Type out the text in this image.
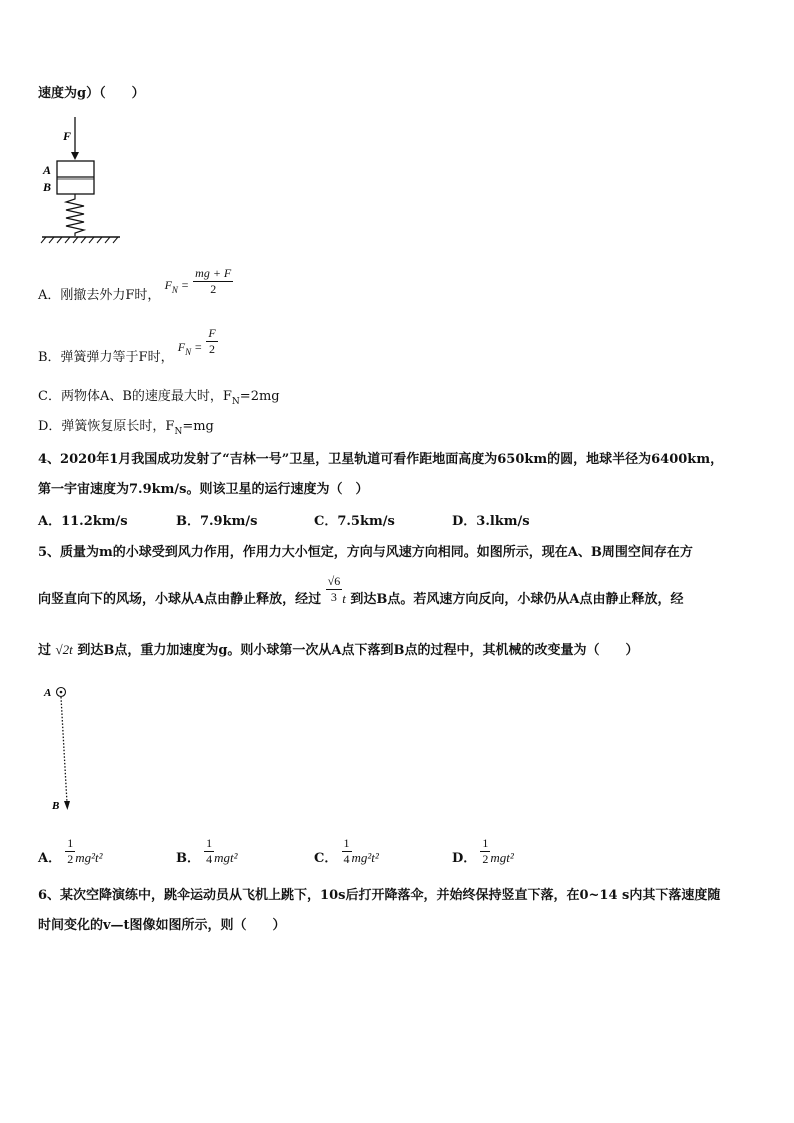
速度为g）（　　）
F
A
B
A．刚撤去外力F时， $F_N = \frac{mg + F}{2}$
B．弹簧弹力等于F时， $F_N = \frac{F}{2}$
C．两物体A、B的速度最大时，$F_N=2mg$
D．弹簧恢复原长时，$F_N=mg$
4、2020年1月我国成功发射了“吉林一号”卫星，卫星轨道可看作距地面高度为650km的圆，地球半径为6400km，
第一宇宙速度为7.9km/s。则该卫星的运行速度为（　）
A．11.2km/s	B．7.9km/s	C．7.5km/s	D．3.lkm/s
5、质量为m的小球受到风力作用，作用力大小恒定，方向与风速方向相同。如图所示，现在A、B周围空间存在方
向竖直向下的风场，小球从A点由静止释放，经过 $\frac{√6}{3}$ t 到达B点。若风速方向反向，小球仍从A点由静止释放，经
过 √2t 到达B点，重力加速度为g。则小球第一次从A点下落到B点的过程中，其机械的改变量为（　　）
A
B
A． $\frac{1}{2} mg^2t^2$	B． $\frac{1}{4} mgt^2$	C． $\frac{1}{4} mg^2t^2$	D． $\frac{1}{2} mgt^2$
6、某次空降演练中，跳伞运动员从飞机上跳下，10s后打开降落伞，并始终保持竖直下落，在0~14 s内其下落速度随
时间变化的v—t图像如图所示，则（　　）
